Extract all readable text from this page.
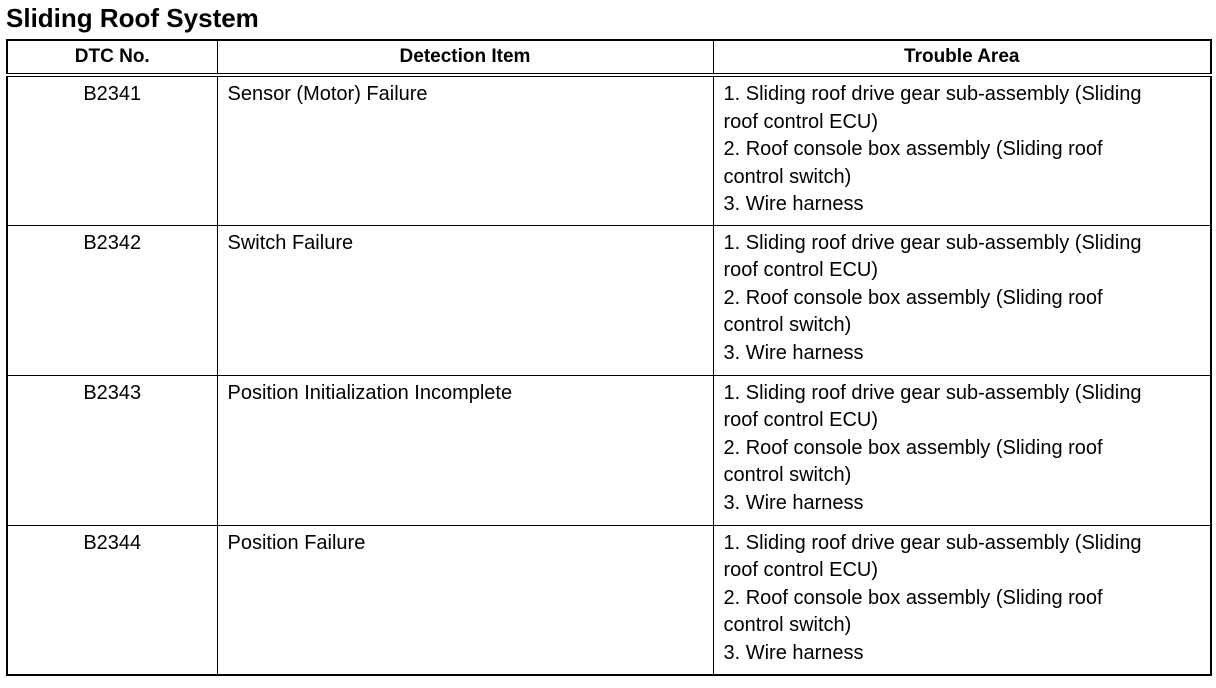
Sliding Roof System
DTC No.	Detection Item	Trouble Area
B2341	Sensor (Motor) Failure	1. Sliding roof drive gear sub-assembly (Sliding
roof control ECU)
2. Roof console box assembly (Sliding roof
control switch)
3. Wire harness

B2342	Switch Failure	1. Sliding roof drive gear sub-assembly (Sliding
roof control ECU)
2. Roof console box assembly (Sliding roof
control switch)
3. Wire harness

B2343	Position Initialization Incomplete	1. Sliding roof drive gear sub-assembly (Sliding
roof control ECU)
2. Roof console box assembly (Sliding roof
control switch)
3. Wire harness

B2344	Position Failure	1. Sliding roof drive gear sub-assembly (Sliding
roof control ECU)
2. Roof console box assembly (Sliding roof
control switch)
3. Wire harness
